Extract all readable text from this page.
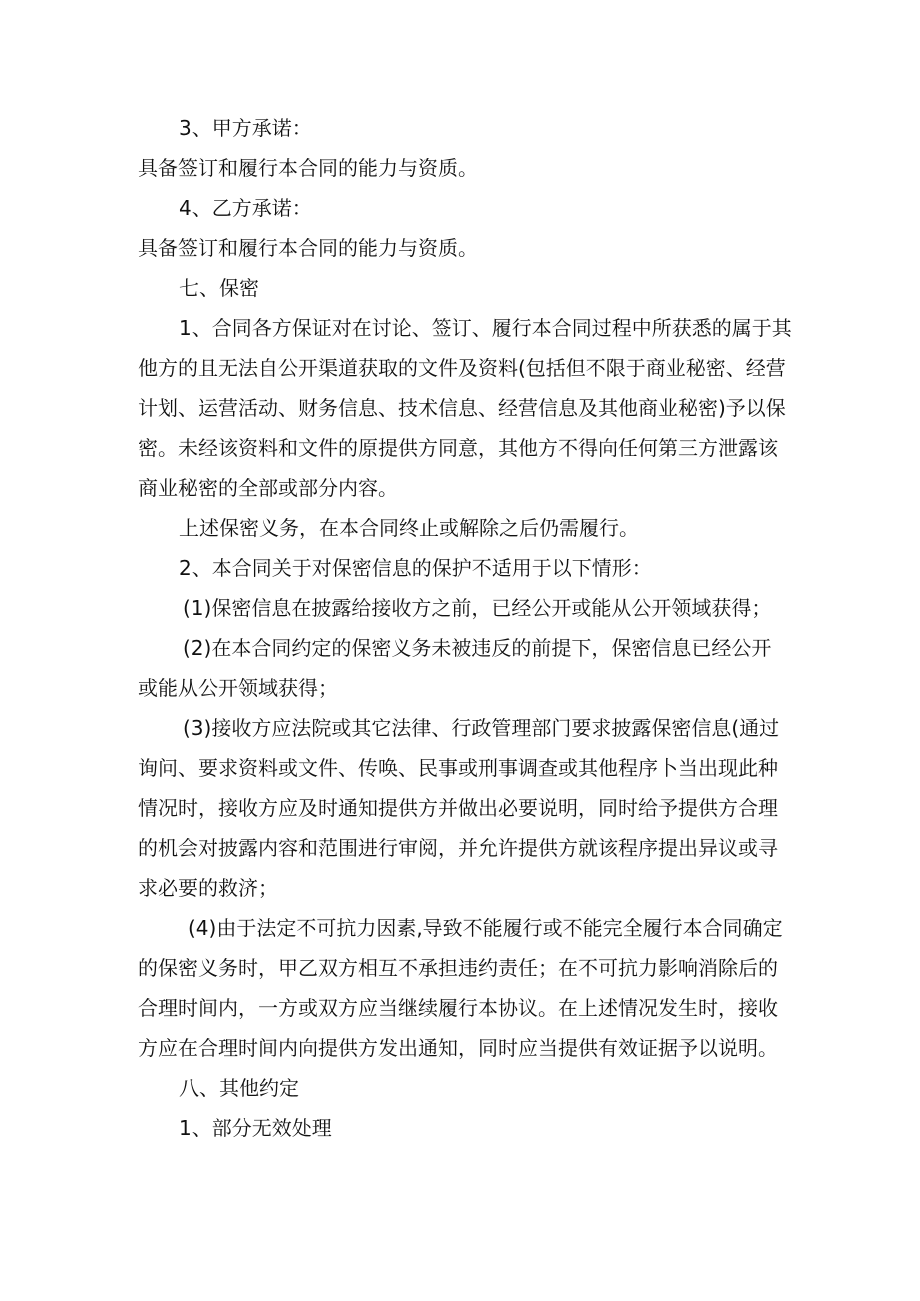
3、甲方承诺：

具备签订和履行本合同的能力与资质。

4、乙方承诺：

具备签订和履行本合同的能力与资质。

七、保密

1、合同各方保证对在讨论、签订、履行本合同过程中所获悉的属于其

他方的且无法自公开渠道获取的文件及资料(包括但不限于商业秘密、经营

计划、运营活动、财务信息、技术信息、经营信息及其他商业秘密)予以保

密。未经该资料和文件的原提供方同意，其他方不得向任何第三方泄露该

商业秘密的全部或部分内容。

上述保密义务，在本合同终止或解除之后仍需履行。

2、本合同关于对保密信息的保护不适用于以下情形：

(1)保密信息在披露给接收方之前，已经公开或能从公开领域获得；

(2)在本合同约定的保密义务未被违反的前提下，保密信息已经公开

或能从公开领域获得；

(3)接收方应法院或其它法律、行政管理部门要求披露保密信息(通过

询问、要求资料或文件、传唤、民事或刑事调查或其他程序卜当出现此种

情况时，接收方应及时通知提供方并做出必要说明，同时给予提供方合理

的机会对披露内容和范围进行审阅，并允许提供方就该程序提出异议或寻

求必要的救济；

(4)由于法定不可抗力因素,导致不能履行或不能完全履行本合同确定

的保密义务时，甲乙双方相互不承担违约责任；在不可抗力影响消除后的

合理时间内，一方或双方应当继续履行本协议。在上述情况发生时，接收

方应在合理时间内向提供方发出通知，同时应当提供有效证据予以说明。

八、其他约定

1、部分无效处理
